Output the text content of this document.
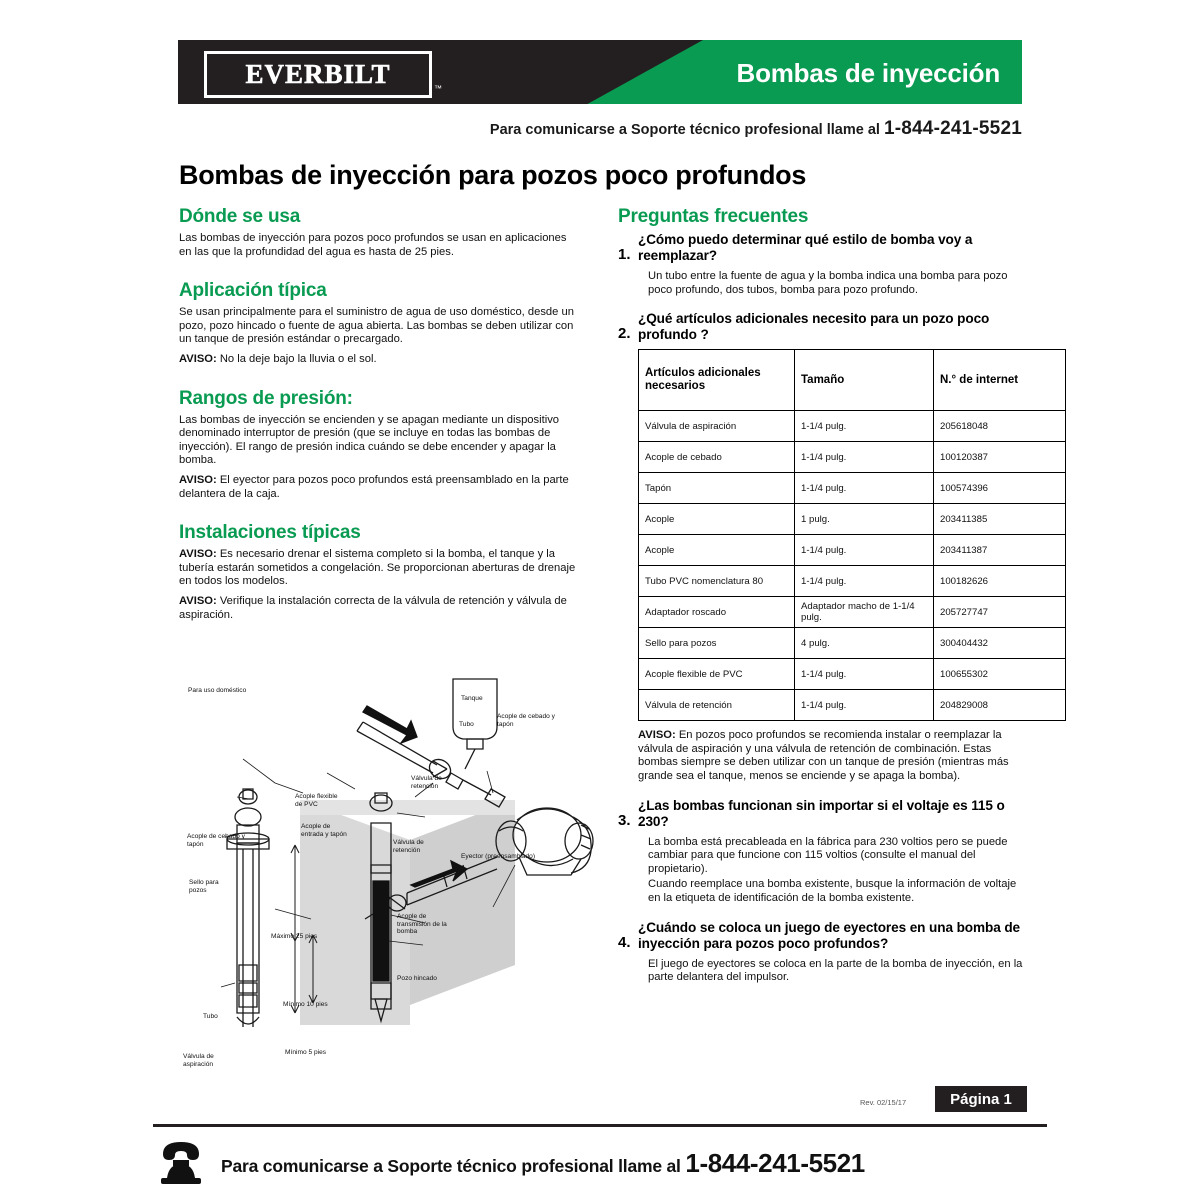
EVERBILT	™
Bombas de inyección
Para comunicarse a Soporte técnico profesional llame al 1-844-241-5521
Bombas de inyección para pozos poco profundos
Dónde se usa

Las bombas de inyección para pozos poco profundos se usan en aplicaciones en las que la profundidad del agua es hasta de 25 pies.

Aplicación típica

Se usan principalmente para el suministro de agua de uso doméstico, desde un pozo, pozo hincado o fuente de agua abierta. Las bombas se deben utilizar con un tanque de presión estándar o precargado.

AVISO: No la deje bajo la lluvia o el sol.

Rangos de presión:

Las bombas de inyección se encienden y se apagan mediante un dispositivo denominado interruptor de presión (que se incluye en todas las bombas de inyección). El rango de presión indica cuándo se debe encender y apagar la bomba.

AVISO: El eyector para pozos poco profundos está preensamblado en la parte delantera de la caja.

Instalaciones típicas

AVISO: Es necesario drenar el sistema completo si la bomba, el tanque y la tubería estarán sometidos a congelación. Se proporcionan aberturas de drenaje en todos los modelos.

AVISO: Verifique la instalación correcta de la válvula de retención y válvula de aspiración.

Preguntas frecuentes
1.
¿Cómo puedo determinar qué estilo de bomba voy a reemplazar?
Un tubo entre la fuente de agua y la bomba indica una bomba para pozo poco profundo, dos tubos, bomba para pozo profundo.
2.
¿Qué artículos adicionales necesito para un pozo poco profundo ?
Artículos adicionales necesarios	Tamaño	N.° de internet
Válvula de aspiración	1-1/4 pulg.	205618048
Acople de cebado	1-1/4 pulg.	100120387
Tapón	1-1/4 pulg.	100574396
Acople	1 pulg.	203411385
Acople	1-1/4 pulg.	203411387
Tubo PVC nomenclatura 80	1-1/4 pulg.	100182626
Adaptador roscado	Adaptador macho de 1-1/4 pulg.	205727747
Sello para pozos	4 pulg.	300404432
Acople flexible de PVC	1-1/4 pulg.	100655302
Válvula de retención	1-1/4 pulg.	204829008

AVISO: En pozos poco profundos se recomienda instalar o reemplazar la válvula de aspiración y una válvula de retención de combinación. Estas bombas siempre se deben utilizar con un tanque de presión (mientras más grande sea el tanque, menos se enciende y se apaga la bomba).

3.
¿Las bombas funcionan sin importar si el voltaje es 115 o 230?
La bomba está precableada en la fábrica para 230 voltios pero se puede cambiar para que funcione con 115 voltios (consulte el manual del propietario).
Cuando reemplace una bomba existente, busque la información de voltaje en la etiqueta de identificación de la bomba existente.
4.
¿Cuándo se coloca un juego de eyectores en una bomba de inyección para pozos poco profundos?
El juego de eyectores se coloca en la parte de la bomba de inyección, en la parte delantera del impulsor.
Para uso doméstico
Tanque
Tubo
Acople de cebado y tapón
Válvula de retención
Acople flexible de PVC
Eyector (preensamblado)
Acople de cebado y tapón
Acople de entrada y tapón
Sello para pozos
Válvula de retención
Máximo 25 pies
Mínimo 10 pies
Mínimo 5 pies
Tubo
Válvula de aspiración
Acople de transmisión de la bomba
Pozo hincado
Rev. 02/15/17	Página 1
Para comunicarse a Soporte técnico profesional llame al 1-844-241-5521
